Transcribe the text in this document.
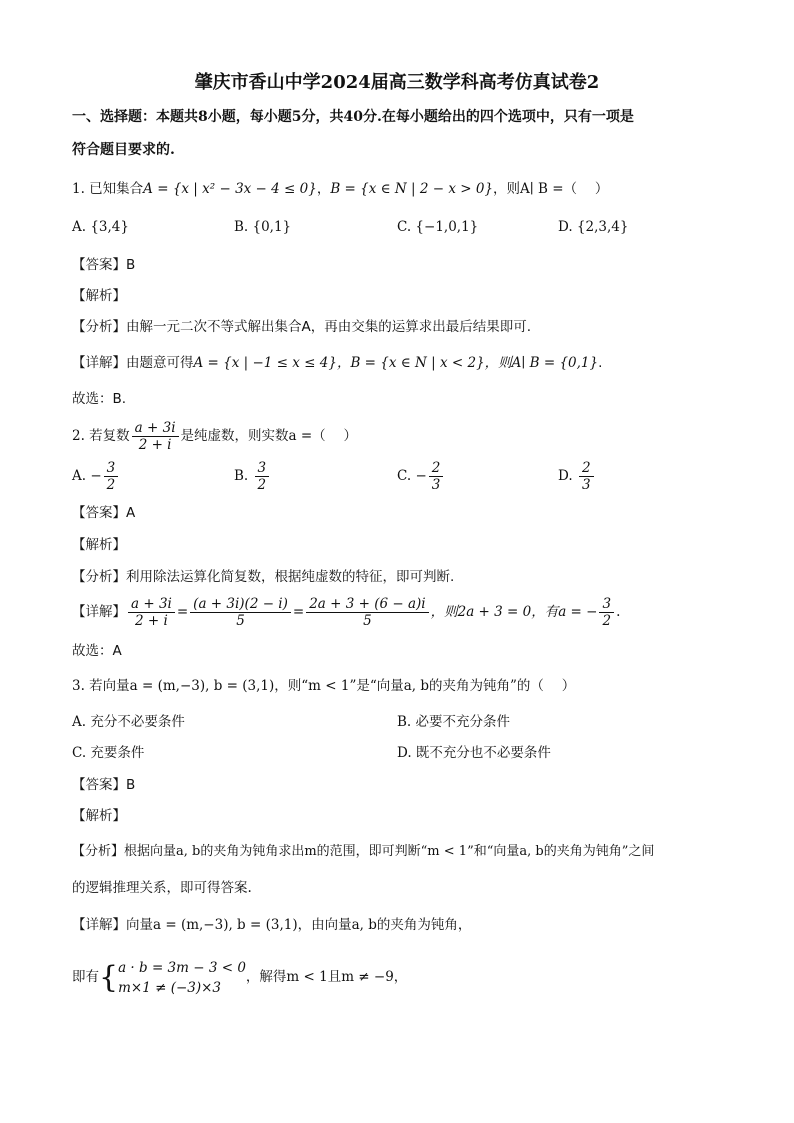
肇庆市香山中学2024届高三数学科高考仿真试卷2
一、选择题：本题共8小题，每小题5分，共40分.在每小题给出的四个选项中，只有一项是
符合题目要求的.
1. 已知集合A = {x | x² − 3x − 4 ≤ 0}，B = {x ∈ N | 2 − x > 0}，则A∣ B =（　 ）
A. {3,4}	B. {0,1}	C. {−1,0,1}	D. {2,3,4}
【答案】B
【解析】
【分析】由解一元二次不等式解出集合A，再由交集的运算求出最后结果即可.
【详解】由题意可得A = {x | −1 ≤ x ≤ 4}，B = {x ∈ N | x < 2}，则A∣ B = {0,1}.
故选：B.
2. 若复数 $\frac{a + 3i}{2 + i}$ 是纯虚数，则实数a =（　 ）
A. − $\frac{3}{2}$	B. $\frac{3}{2}$	C. − $\frac{2}{3}$	D. $\frac{2}{3}$
【答案】A
【解析】
【分析】利用除法运算化简复数，根据纯虚数的特征，即可判断.
【详解】 $\frac{a + 3i}{2 + i} = \frac{(a + 3i)(2 - i)}{5} = \frac{2a + 3 + (6 - a)i}{5}$ ，则2a + 3 = 0，有a = − $\frac{3}{2}$ .
故选：A
3. 若向量a = (m,−3), b = (3,1)，则“m < 1”是“向量a, b的夹角为钝角”的（　 ）
A. 充分不必要条件	B. 必要不充分条件
C. 充要条件	D. 既不充分也不必要条件
【答案】B
【解析】
【分析】根据向量a, b的夹角为钝角求出m的范围，即可判断“m < 1”和“向量a, b的夹角为钝角”之间
的逻辑推理关系，即可得答案.
【详解】向量a = (m,−3), b = (3,1)，由向量a, b的夹角为钝角，
即有{ a · b = 3m − 3 < 0
m×1 ≠ (−3)×3
，解得m < 1且m ≠ −9，
